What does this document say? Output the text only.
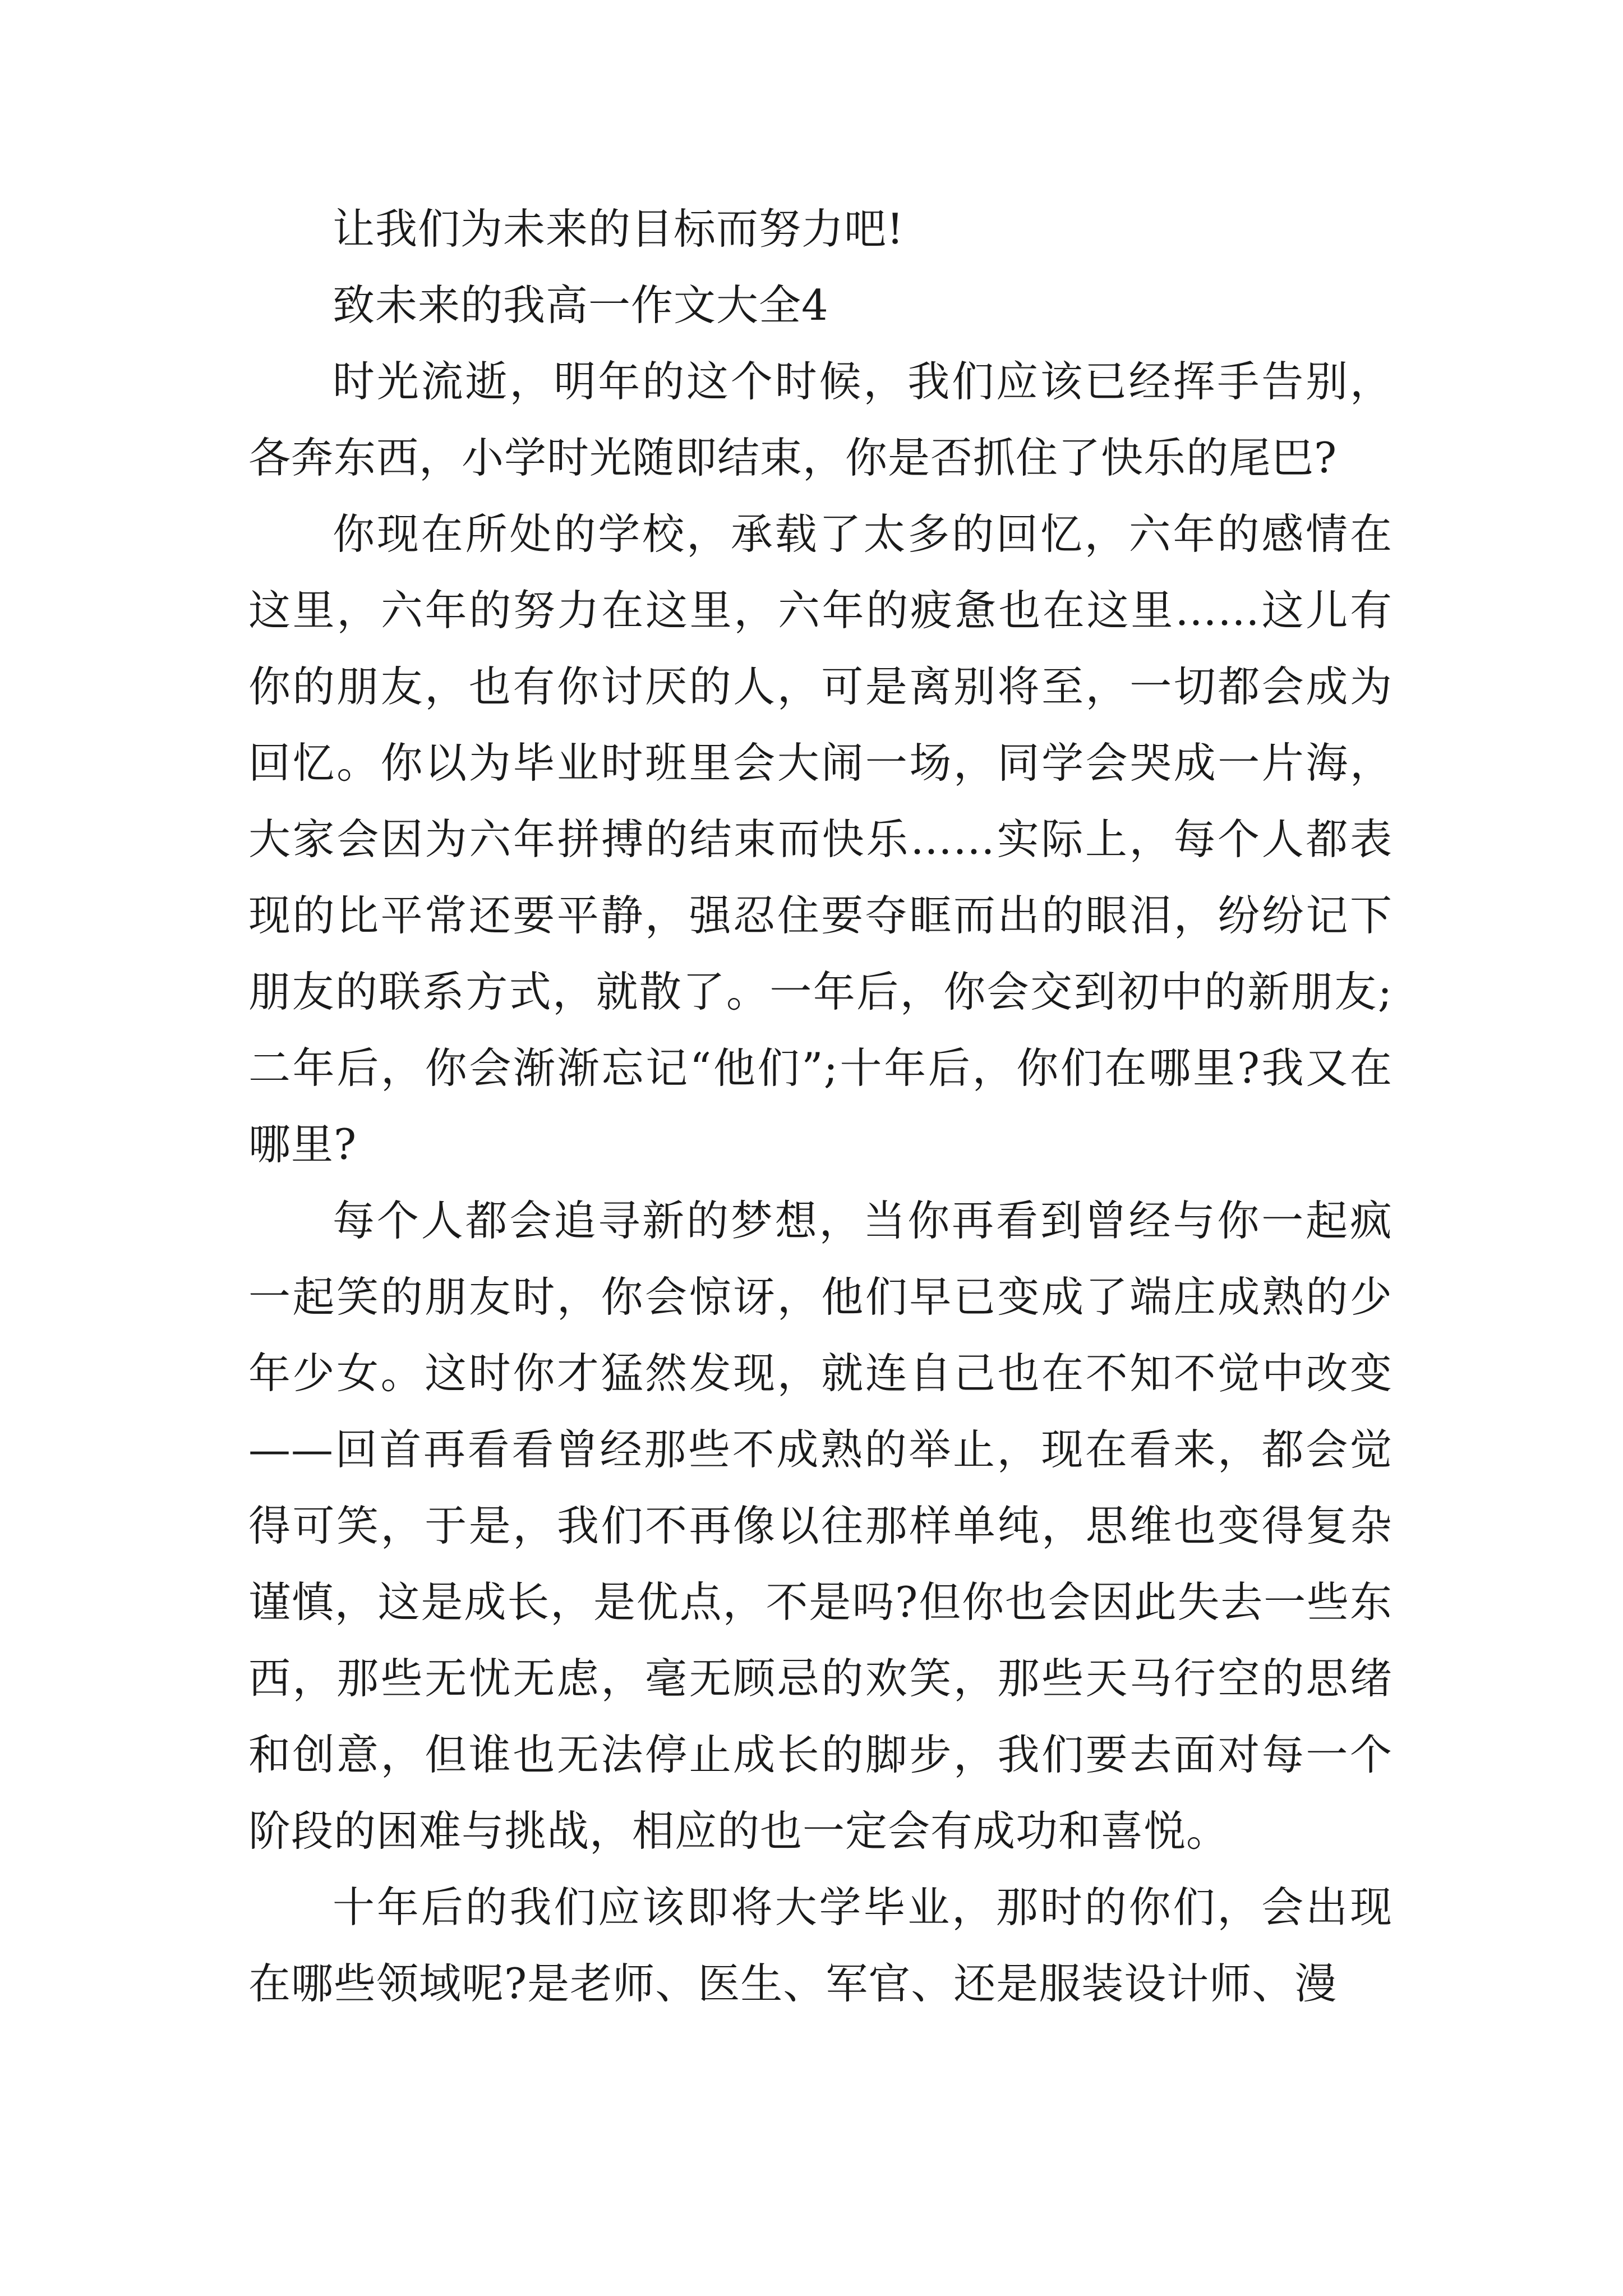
让我们为未来的目标而努力吧!

致未来的我高一作文大全4

时光流逝，明年的这个时候，我们应该已经挥手告别，各奔东西，小学时光随即结束，你是否抓住了快乐的尾巴?

你现在所处的学校，承载了太多的回忆，六年的感情在这里，六年的努力在这里，六年的疲惫也在这里……这儿有你的朋友，也有你讨厌的人，可是离别将至，一切都会成为回忆。你以为毕业时班里会大闹一场，同学会哭成一片海，大家会因为六年拼搏的结束而快乐……实际上，每个人都表现的比平常还要平静，强忍住要夺眶而出的眼泪，纷纷记下朋友的联系方式，就散了。一年后，你会交到初中的新朋友;二年后，你会渐渐忘记“他们”;十年后，你们在哪里?我又在哪里?

每个人都会追寻新的梦想，当你再看到曾经与你一起疯一起笑的朋友时，你会惊讶，他们早已变成了端庄成熟的少年少女。这时你才猛然发现，就连自己也在不知不觉中改变——回首再看看曾经那些不成熟的举止，现在看来，都会觉得可笑，于是，我们不再像以往那样单纯，思维也变得复杂谨慎，这是成长，是优点，不是吗?但你也会因此失去一些东西，那些无忧无虑，毫无顾忌的欢笑，那些天马行空的思绪和创意，但谁也无法停止成长的脚步，我们要去面对每一个阶段的困难与挑战，相应的也一定会有成功和喜悦。

十年后的我们应该即将大学毕业，那时的你们，会出现在哪些领域呢?是老师、医生、军官、还是服装设计师、漫
